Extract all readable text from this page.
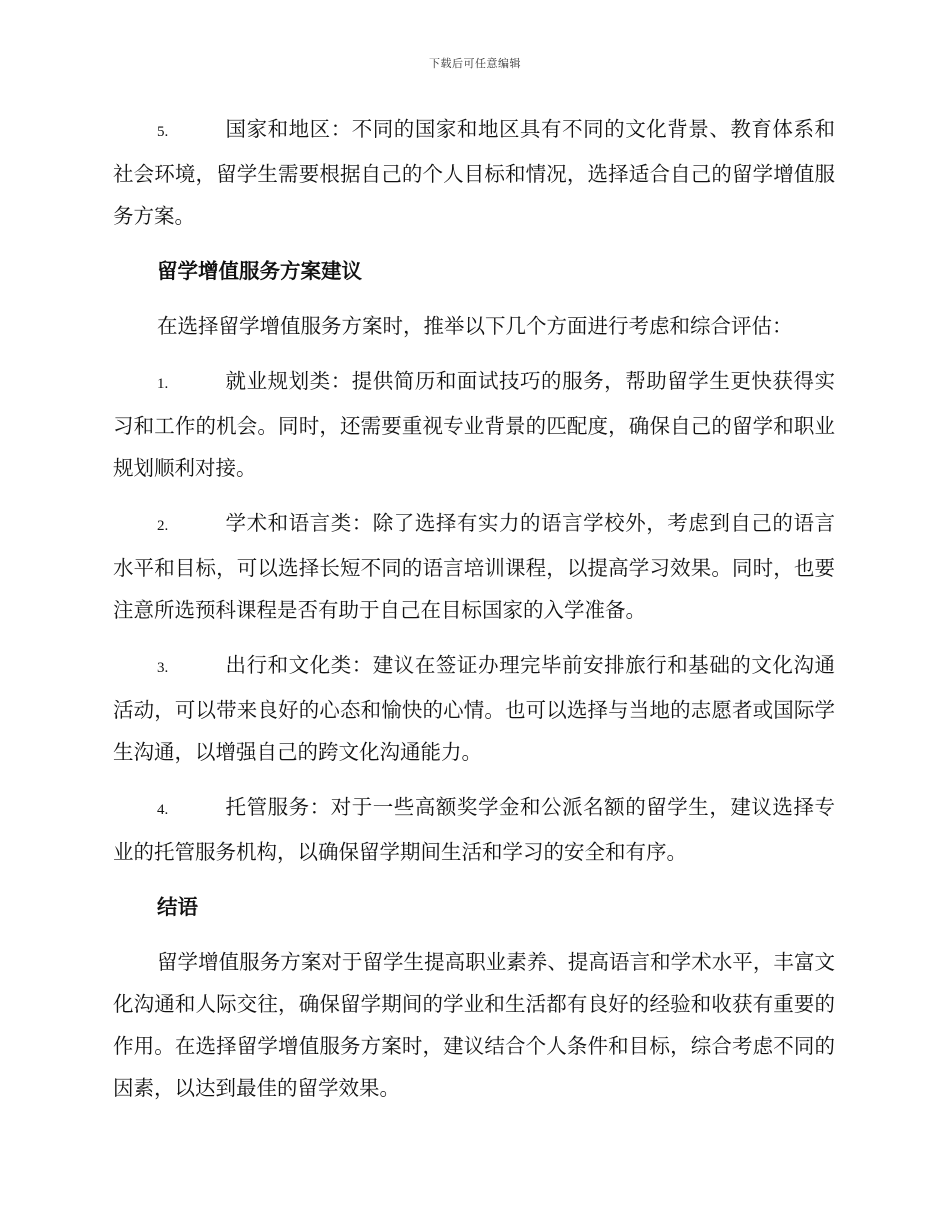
下载后可任意编辑

5.	国家和地区：不同的国家和地区具有不同的文化背景、教育体系和社会环境，留学生需要根据自己的个人目标和情况，选择适合自己的留学增值服务方案。

留学增值服务方案建议

在选择留学增值服务方案时，推举以下几个方面进行考虑和综合评估：

1.	就业规划类：提供简历和面试技巧的服务，帮助留学生更快获得实习和工作的机会。同时，还需要重视专业背景的匹配度，确保自己的留学和职业规划顺利对接。

2.	学术和语言类：除了选择有实力的语言学校外，考虑到自己的语言水平和目标，可以选择长短不同的语言培训课程，以提高学习效果。同时，也要注意所选预科课程是否有助于自己在目标国家的入学准备。

3.	出行和文化类：建议在签证办理完毕前安排旅行和基础的文化沟通活动，可以带来良好的心态和愉快的心情。也可以选择与当地的志愿者或国际学生沟通，以增强自己的跨文化沟通能力。

4.	托管服务：对于一些高额奖学金和公派名额的留学生，建议选择专业的托管服务机构，以确保留学期间生活和学习的安全和有序。

结语

留学增值服务方案对于留学生提高职业素养、提高语言和学术水平，丰富文化沟通和人际交往，确保留学期间的学业和生活都有良好的经验和收获有重要的作用。在选择留学增值服务方案时，建议结合个人条件和目标，综合考虑不同的因素，以达到最佳的留学效果。
